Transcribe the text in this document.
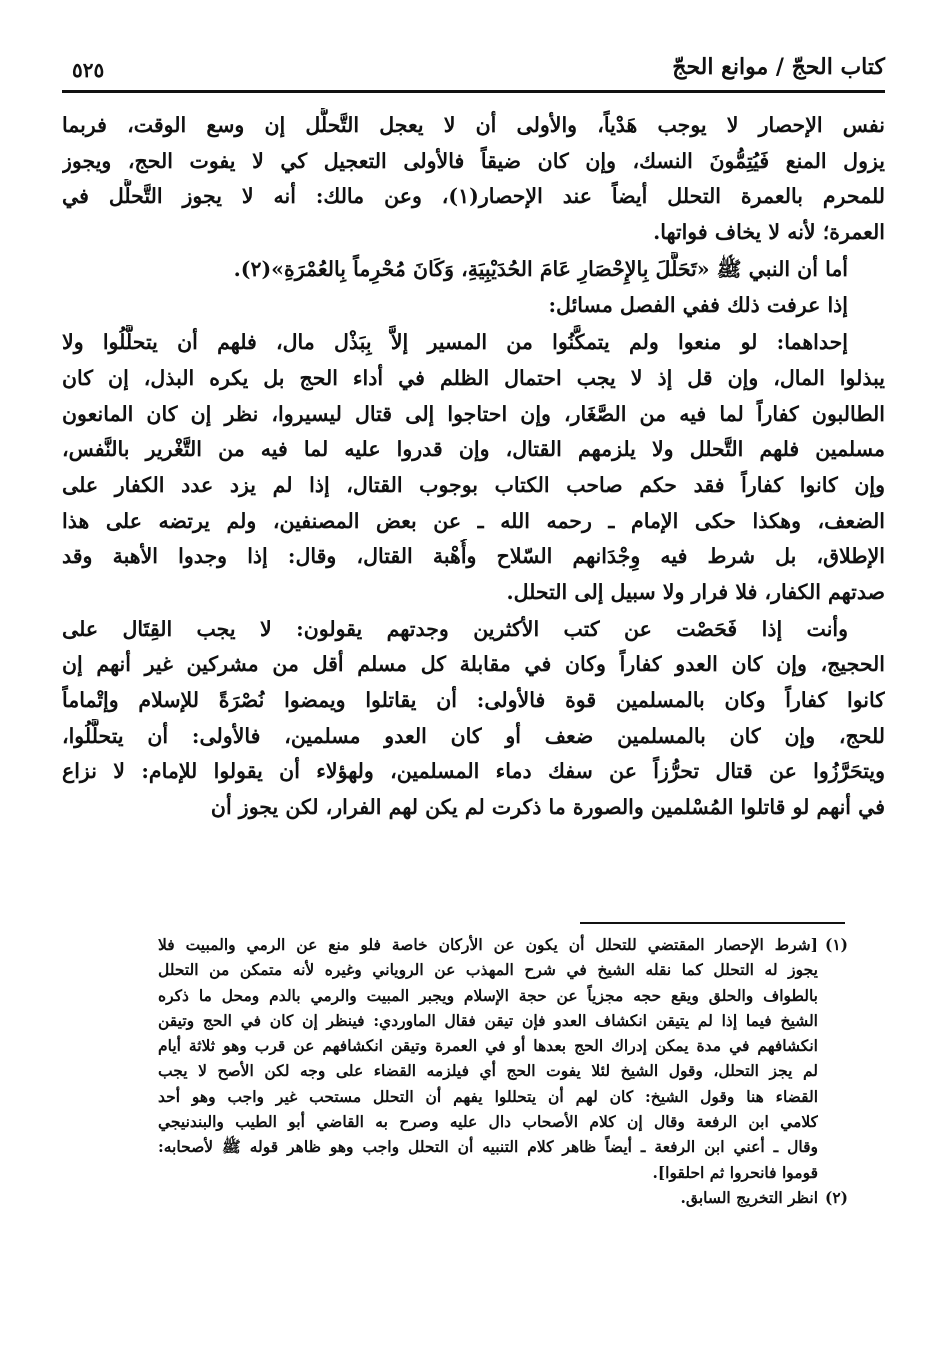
كتاب الحجّ / موانع الحجّ
٥٢٥
نفس الإحصار لا يوجب هَدْياً، والأولى أن لا يعجل التَّحلُّل إن وسع الوقت، فربما
يزول المنع فَيُتِمُّونَ النسك، وإن كان ضيقاً فالأولى التعجيل كي لا يفوت الحج، ويجوز
للمحرم بالعمرة التحلل أيضاً عند الإحصار(١)، وعن مالك: أنه لا يجوز التَّحلُّل في
العمرة؛ لأنه لا يخاف فواتها.
أما أن النبي ﷺ «تَحَلَّلَ بِالإِحْصَارِ عَامَ الحُدَيْبِيَةِ، وَكَانَ مُحْرِماً بِالعُمْرَةِ»(٢).
إذا عرفت ذلك ففي الفصل مسائل:
إحداهما: لو منعوا ولم يتمكَّنُوا من المسير إلاَّ بِبَذْل مال، فلهم أن يتحلَّلُوا ولا
يبذلوا المال، وإن قل إذ لا يجب احتمال الظلم في أداء الحج بل يكره البذل، إن كان
الطالبون كفاراً لما فيه من الصَّغَار، وإن احتاجوا إلى قتال ليسيروا، نظر إن كان المانعون
مسلمين فلهم التَّحلل ولا يلزمهم القتال، وإن قدروا عليه لما فيه من التَّغْرير بالنَّفس،
وإن كانوا كفاراً فقد حكم صاحب الكتاب بوجوب القتال، إذا لم يزد عدد الكفار على
الضعف، وهكذا حكى الإمام ـ رحمه الله ـ عن بعض المصنفين، ولم يرتضه على هذا
الإطلاق، بل شرط فيه وِجْدَانهم السّلاح وأُهْبة القتال، وقال: إذا وجدوا الأهبة وقد
صدتهم الكفار، فلا فرار ولا سبيل إلى التحلل.
وأنت إذا فَحَصْت عن كتب الأكثرين وجدتهم يقولون: لا يجب القِتَال على
الحجيج، وإن كان العدو كفاراً وكان في مقابلة كل مسلم أقل من مشركين غير أنهم إن
كانوا كفاراً وكان بالمسلمين قوة فالأولى: أن يقاتلوا ويمضوا نُصْرَةً للإسلام وإتْماماً
للحج، وإن كان بالمسلمين ضعف أو كان العدو مسلمين، فالأولى: أن يتحلَّلُوا،
ويتحَرَّزُوا عن قتال تحرُّزاً عن سفك دماء المسلمين، ولهؤلاء أن يقولوا للإمام: لا نزاع
في أنهم لو قاتلوا المُسْلمين والصورة ما ذكرت لم يكن لهم الفرار، لكن يجوز أن
(١)
[شرط الإحصار المقتضي للتحلل أن يكون عن الأركان خاصة فلو منع عن الرمي والمبيت فلا
يجوز له التحلل كما نقله الشيخ في شرح المهذب عن الروياني وغيره لأنه متمكن من التحلل
بالطواف والحلق ويقع حجه مجزياً عن حجة الإسلام ويجبر المبيت والرمي بالدم ومحل ما ذكره
الشيخ فيما إذا لم يتيقن انكشاف العدو فإن تيقن فقال الماوردي: فينظر إن كان في الحج وتيقن
انكشافهم في مدة يمكن إدراك الحج بعدها أو في العمرة وتيقن انكشافهم عن قرب وهو ثلاثة أيام
لم يجز التحلل، وقول الشيخ لئلا يفوت الحج أي فيلزمه القضاء على وجه لكن الأصح لا يجب
القضاء هنا وقول الشيخ: كان لهم أن يتحللوا يفهم أن التحلل مستحب غير واجب وهو أحد
كلامي ابن الرفعة وقال إن كلام الأصحاب دال عليه وصرح به القاضي أبو الطيب والبندنيجي
وقال ـ أعني ابن الرفعة ـ أيضاً ظاهر كلام التنبيه أن التحلل واجب وهو ظاهر قوله ﷺ لأصحابه:
قوموا فانحروا ثم احلقوا].
(٢)
انظر التخريج السابق.
